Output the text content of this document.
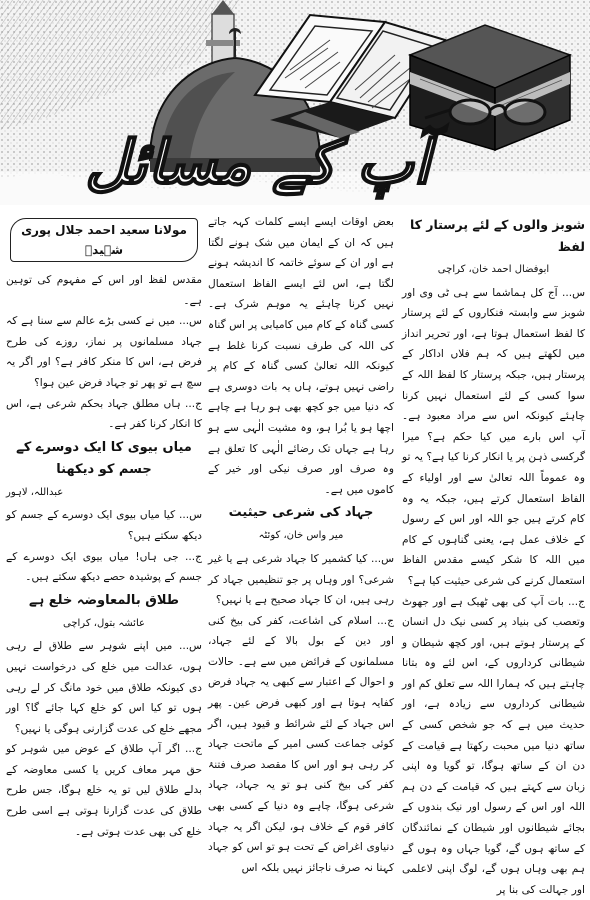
آپ کے مسائل

شوبز والوں کے لئے پرستار کا لفظ

ابوفضال احمد خان، کراچی

س... آج کل ہماشما سے ہی ٹی وی اور شوبز سے وابستہ فنکاروں کے لئے پرستار کا لفظ استعمال ہوتا ہے، اور تحریر انداز میں لکھتے ہیں کہ ہم فلاں اداکار کے پرستار ہیں، جبکہ پرستار کا لفظ اللہ کے سوا کسی کے لئے استعمال نہیں کرنا چاہئے کیونکہ اس سے مراد معبود ہے۔ آپ اس بارے میں کیا حکم ہے؟ میرا گرکسی ذہن پر یا انکار کرنا کیا ہے؟ یہ تو وہ عموماً اللہ تعالیٰ سے اور اولیاء کے الفاظ استعمال کرتے ہیں، جبکہ یہ وہ کام کرتے ہیں جو اللہ اور اس کے رسول کے خلاف عمل ہے، یعنی گناہوں کے کام میں اللہ کا شکر کیسے مقدس الفاظ استعمال کرنے کی شرعی حیثیت کیا ہے؟

ج... بات آپ کی بھی ٹھیک ہے اور جھوٹ وتعصب کی بنیاد پر کسی نیک دل انسان کے پرستار ہوتے ہیں، اور کچھ شیطان و شیطانی کرداروں کے، اس لئے وہ بتانا چاہتے ہیں کہ ہمارا اللہ سے تعلق کم اور شیطانی کرداروں سے زیادہ ہے، اور حدیث میں ہے کہ جو شخص کسی کے ساتھ دنیا میں محبت رکھتا ہے قیامت کے دن ان کے ساتھ ہوگا، تو گویا وہ اپنی زبان سے کہتے ہیں کہ قیامت کے دن ہم اللہ اور اس کے رسول اور نیک بندوں کے بجائے شیطانوں اور شیطان کے نمائندگان کے ساتھ ہوں گے، گویا جہاں وہ ہوں گے ہم بھی وہاں ہوں گے، لوگ اپنی لاعلمی اور جہالت کی بنا پر

بعض اوقات ایسے ایسے کلمات کہہ جاتے ہیں کہ ان کے ایمان میں شک ہونے لگتا ہے اور ان کے سوئے خاتمہ کا اندیشہ ہونے لگتا ہے، اس لئے ایسے الفاظ استعمال نہیں کرنا چاہئے یہ موہم شرک ہے۔ کسی گناہ کے کام میں کامیابی پر اس گناہ کی اللہ کی طرف نسبت کرنا غلط ہے کیونکہ اللہ تعالیٰ کسی گناہ کے کام پر راضی نہیں ہوتے، ہاں یہ بات دوسری ہے کہ دنیا میں جو کچھ بھی ہو رہا ہے چاہے اچھا ہو یا بُرا ہو، وہ مشیت الٰہی سے ہو رہا ہے جہاں تک رضائے الٰہی کا تعلق ہے وہ صرف اور صرف نیکی اور خیر کے کاموں میں ہے۔

جہاد کی شرعی حیثیت

میر واس خان، کوئٹہ

س... کیا کشمیر کا جہاد شرعی ہے یا غیر شرعی؟ اور وہاں پر جو تنظیمیں جہاد کر رہی ہیں، ان کا جہاد صحیح ہے یا نہیں؟

ج... اسلام کی اشاعت، کفر کی بیخ کنی اور دین کے بول بالا کے لئے جہاد، مسلمانوں کے فرائض میں سے ہے۔ حالات و احوال کے اعتبار سے کبھی یہ جہاد فرض کفایہ ہوتا ہے اور کبھی فرض عین۔ پھر اس جہاد کے لئے شرائط و قیود ہیں، اگر کوئی جماعت کسی امیر کے ماتحت جہاد کر رہی ہو اور اس کا مقصد صرف فتنۂ کفر کی بیخ کنی ہو تو یہ جہاد، جہاد شرعی ہوگا، چاہے وہ دنیا کے کسی بھی کافر قوم کے خلاف ہو، لیکن اگر یہ جہاد دنیاوی اغراض کے تحت ہو تو اس کو جہاد کہنا نہ صرف ناجائز نہیں بلکہ اس

مولانا سعید احمد جلال پوری شہیدؒ

مقدس لفظ اور اس کے مفہوم کی توہین ہے۔

س... میں نے کسی بڑے عالم سے سنا ہے کہ جہاد مسلمانوں پر نماز، روزے کی طرح فرض ہے، اس کا منکر کافر ہے؟ اور اگر یہ سچ ہے تو پھر تو جہاد فرض عین ہوا؟

ج... ہاں مطلق جہاد بحکم شرعی ہے، اس کا انکار کرنا کفر ہے۔

میاں بیوی کا ایک دوسرے کے جسم کو دیکھنا

عبداللہ، لاہور

س... کیا میاں بیوی ایک دوسرے کے جسم کو دیکھ سکتے ہیں؟

ج... جی ہاں! میاں بیوی ایک دوسرے کے جسم کے پوشیدہ حصے دیکھ سکتے ہیں۔

طلاق بالمعاوضہ خلع ہے

عائشہ بتول، کراچی

س... میں اپنے شوہر سے طلاق لے رہی ہوں، عدالت میں خلع کی درخواست نہیں دی کیونکہ طلاق میں خود مانگ کر لے رہی ہوں تو کیا اس کو خلع کہا جائے گا؟ اور مجھے خلع کی عدت گزارنی ہوگی یا نہیں؟

ج... اگر آپ طلاق کے عوض میں شوہر کو حق مہر معاف کریں یا کسی معاوضہ کے بدلے طلاق لیں تو یہ خلع ہوگا، جس طرح طلاق کی عدت گزارنا ہوتی ہے اسی طرح خلع کی بھی عدت ہوتی ہے۔
